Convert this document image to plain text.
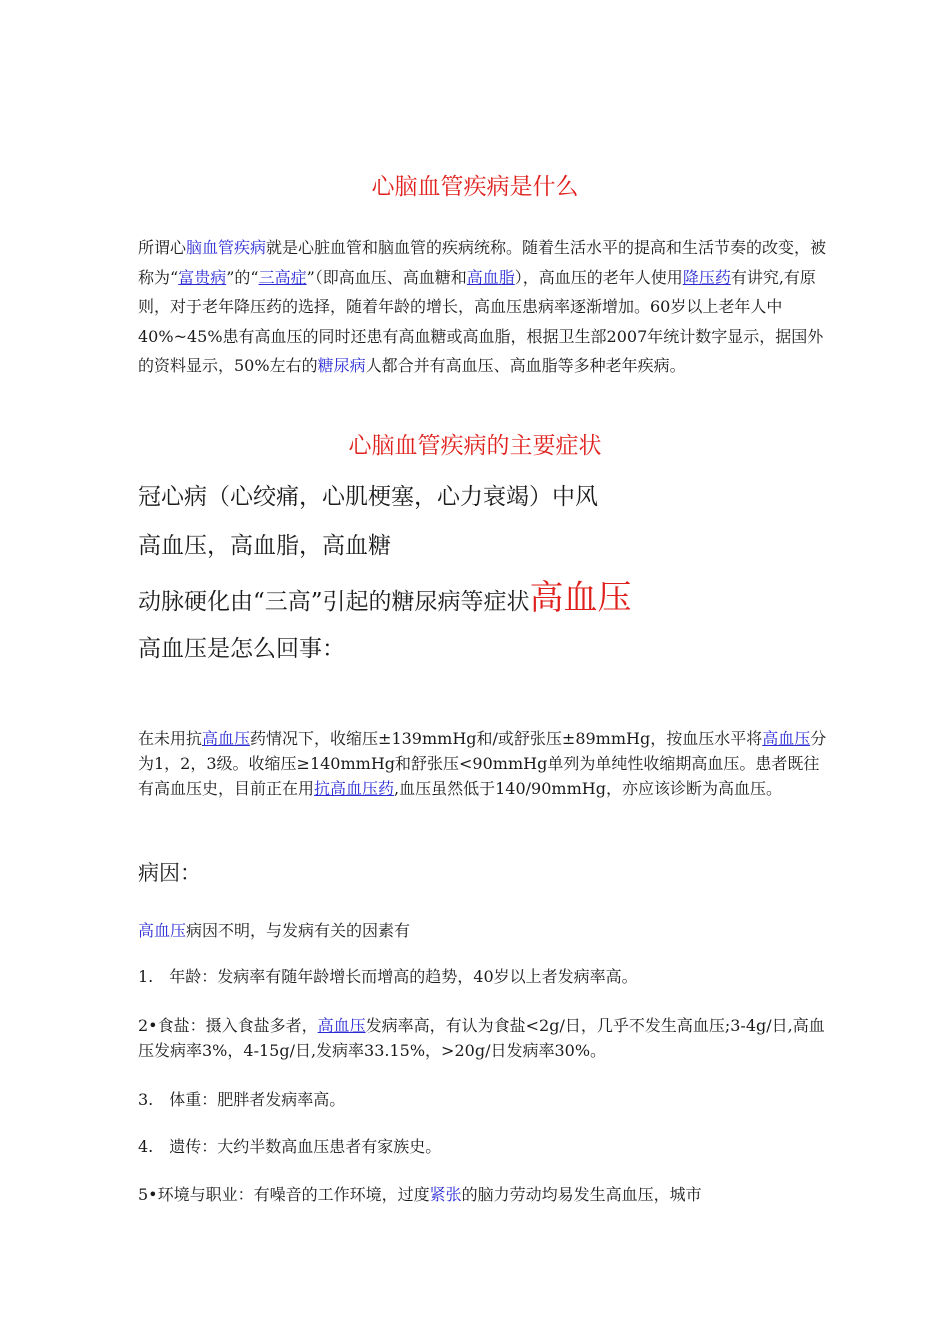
心脑血管疾病是什么

所谓心脑血管疾病就是心脏血管和脑血管的疾病统称。随着生活水平的提高和生活节奏的改变，被称为“富贵病”的“三高症”（即高血压、高血糖和高血脂），高血压的老年人使用降压药有讲究,有原则，对于老年降压药的选择，随着年龄的增长，高血压患病率逐渐增加。60岁以上老年人中40%~45%患有高血压的同时还患有高血糖或高血脂，根据卫生部2007年统计数字显示，据国外的资料显示，50%左右的糖尿病人都合并有高血压、高血脂等多种老年疾病。

心脑血管疾病的主要症状

冠心病（心绞痛，心肌梗塞，心力衰竭）中风

高血压，高血脂，高血糖

动脉硬化由“三高”引起的糖尿病等症状高血压

高血压是怎么回事：

在未用抗高血压药情况下，收缩压±139mmHg和/或舒张压±89mmHg，按血压水平将高血压分为1，2，3级。收缩压≥140mmHg和舒张压<90mmHg单列为单纯性收缩期高血压。患者既往有高血压史，目前正在用抗高血压药,血压虽然低于140/90mmHg，亦应该诊断为高血压。

病因：

高血压病因不明，与发病有关的因素有

1.　年龄：发病率有随年龄增长而增高的趋势，40岁以上者发病率高。

2•食盐：摄入食盐多者，高血压发病率高，有认为食盐<2g/日，几乎不发生高血压;3-4g/日,高血压发病率3%，4-15g/日,发病率33.15%，>20g/日发病率30%。

3.　体重：肥胖者发病率高。

4.　遗传：大约半数高血压患者有家族史。

5•环境与职业：有噪音的工作环境，过度紧张的脑力劳动均易发生高血压，城市
